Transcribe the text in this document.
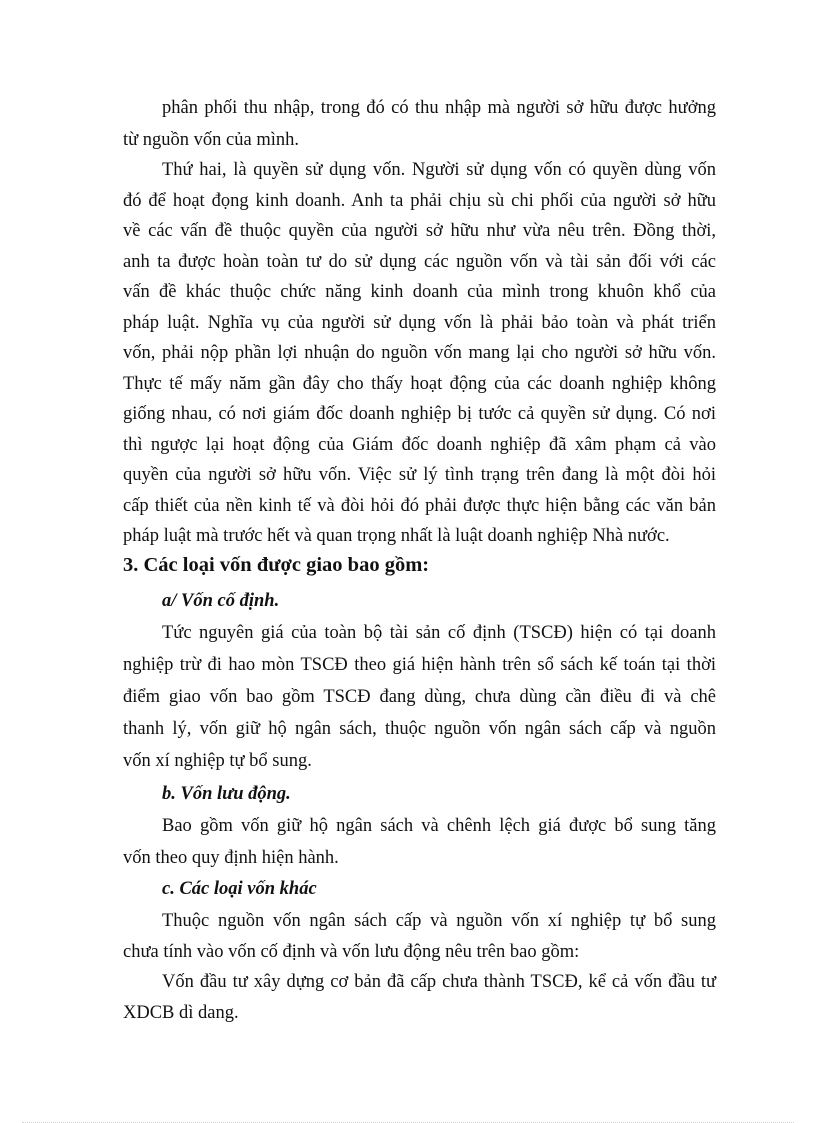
phân phối thu nhập, trong đó có thu nhập mà người sở hữu được hưởng
từ nguồn vốn của mình.
Thứ hai, là quyền sử dụng vốn. Người sử dụng vốn có quyền dùng vốn
đó để hoạt đọng kinh doanh. Anh ta phải chịu sù chi phối của người sở hữu
về các vấn đề thuộc quyền của người sở hữu như vừa nêu trên. Đồng thời,
anh ta được hoàn toàn tư do sử dụng các nguồn vốn và tài sản đối với các
vấn đề khác thuộc chức năng kinh doanh của mình trong khuôn khổ của
pháp luật. Nghĩa vụ của người sử dụng vốn là phải bảo toàn và phát triển
vốn, phải nộp phần lợi nhuận do nguồn vốn mang lại cho người sở hữu vốn.
Thực tế mấy năm gần đây cho thấy hoạt động của các doanh nghiệp không
giống nhau, có nơi giám đốc doanh nghiệp bị tước cả quyền sử dụng. Có nơi
thì ngược lại hoạt động của Giám đốc doanh nghiệp đã xâm phạm cả vào
quyền của người sở hữu vốn. Việc sử lý tình trạng trên đang là một đòi hỏi
cấp thiết của nền kinh tế và đòi hỏi đó phải được thực hiện bằng các văn bản
pháp luật mà trước hết và quan trọng nhất là luật doanh nghiệp Nhà nước.
3. Các loại vốn được giao bao gồm:
a/ Vốn cố định.
Tức nguyên giá của toàn bộ tài sản cố định (TSCĐ) hiện có tại doanh
nghiệp trừ đi hao mòn TSCĐ theo giá hiện hành trên sổ sách kế toán tại thời
điểm giao vốn bao gồm TSCĐ đang dùng, chưa dùng cần điều đi và chê
thanh lý, vốn giữ hộ ngân sách, thuộc nguồn vốn ngân sách cấp và nguồn
vốn xí nghiệp tự bổ sung.
b. Vốn lưu động.
Bao gồm vốn giữ hộ ngân sách và chênh lệch giá được bổ sung tăng
vốn theo quy định hiện hành.
c. Các loại vốn khác
Thuộc nguồn vốn ngân sách cấp và nguồn vốn xí nghiệp tự bổ sung
chưa tính vào vốn cố định và vốn lưu động nêu trên bao gồm:
Vốn đầu tư xây dựng cơ bản đã cấp chưa thành TSCĐ, kể cả vốn đầu tư
XDCB dì dang.
